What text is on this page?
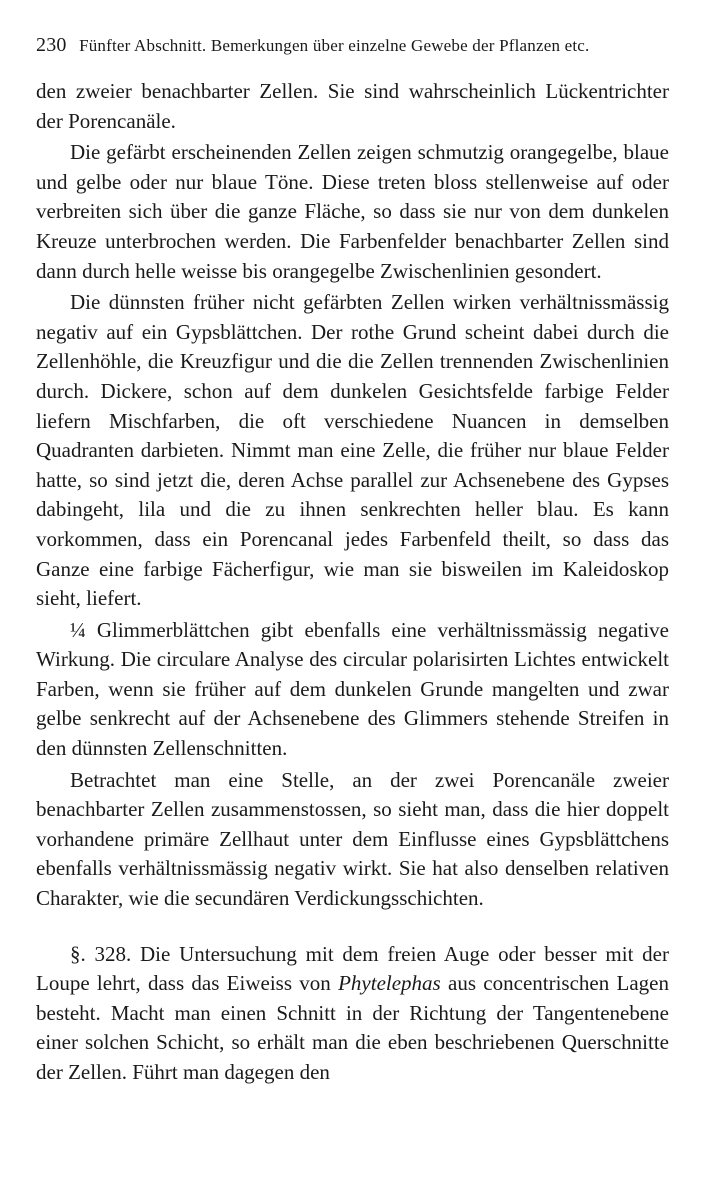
230 Fünfter Abschnitt. Bemerkungen über einzelne Gewebe der Pflanzen etc.

den zweier benachbarter Zellen. Sie sind wahrscheinlich Lückentrichter der Porencanäle.

Die gefärbt erscheinenden Zellen zeigen schmutzig orangegelbe, blaue und gelbe oder nur blaue Töne. Diese treten bloss stellenweise auf oder verbreiten sich über die ganze Fläche, so dass sie nur von dem dunkelen Kreuze unterbrochen werden. Die Farbenfelder benachbarter Zellen sind dann durch helle weisse bis orangegelbe Zwischenlinien gesondert.

Die dünnsten früher nicht gefärbten Zellen wirken verhältnissmässig negativ auf ein Gypsblättchen. Der rothe Grund scheint dabei durch die Zellenhöhle, die Kreuzfigur und die die Zellen trennenden Zwischenlinien durch. Dickere, schon auf dem dunkelen Gesichtsfelde farbige Felder liefern Mischfarben, die oft verschiedene Nuancen in demselben Quadranten darbieten. Nimmt man eine Zelle, die früher nur blaue Felder hatte, so sind jetzt die, deren Achse parallel zur Achsenebene des Gypses dabingeht, lila und die zu ihnen senkrechten heller blau. Es kann vorkommen, dass ein Porencanal jedes Farbenfeld theilt, so dass das Ganze eine farbige Fächerfigur, wie man sie bisweilen im Kaleidoskop sieht, liefert.

¼ Glimmerblättchen gibt ebenfalls eine verhältnissmässig negative Wirkung. Die circulare Analyse des circular polarisirten Lichtes entwickelt Farben, wenn sie früher auf dem dunkelen Grunde mangelten und zwar gelbe senkrecht auf der Achsenebene des Glimmers stehende Streifen in den dünnsten Zellenschnitten.

Betrachtet man eine Stelle, an der zwei Porencanäle zweier benachbarter Zellen zusammenstossen, so sieht man, dass die hier doppelt vorhandene primäre Zellhaut unter dem Einflusse eines Gypsblättchens ebenfalls verhältnissmässig negativ wirkt. Sie hat also denselben relativen Charakter, wie die secundären Verdickungsschichten.

§. 328. Die Untersuchung mit dem freien Auge oder besser mit der Loupe lehrt, dass das Eiweiss von Phytelephas aus concentrischen Lagen besteht. Macht man einen Schnitt in der Richtung der Tangentenebene einer solchen Schicht, so erhält man die eben beschriebenen Querschnitte der Zellen. Führt man dagegen den
